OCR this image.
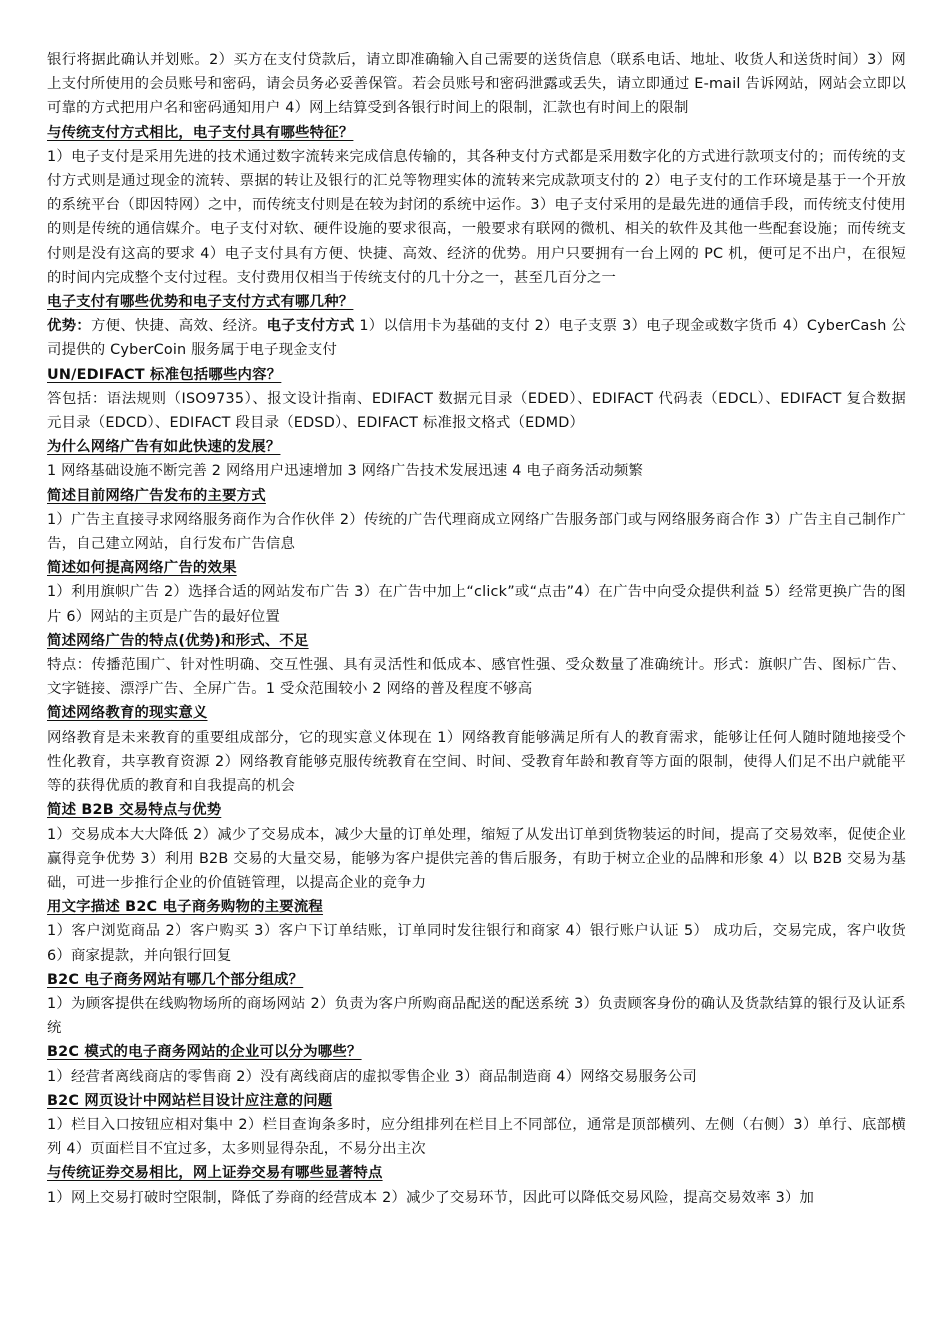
银行将据此确认并划账。2）买方在支付贷款后，请立即准确输入自己需要的送货信息（联系电话、地址、收货人和送货时间）3）网上支付所使用的会员账号和密码，请会员务必妥善保管。若会员账号和密码泄露或丢失，请立即通过 E-mail 告诉网站，网站会立即以可靠的方式把用户名和密码通知用户 4）网上结算受到各银行时间上的限制，汇款也有时间上的限制

与传统支付方式相比，电子支付具有哪些特征？

1）电子支付是采用先进的技术通过数字流转来完成信息传输的，其各种支付方式都是采用数字化的方式进行款项支付的；而传统的支付方式则是通过现金的流转、票据的转让及银行的汇兑等物理实体的流转来完成款项支付的 2）电子支付的工作环境是基于一个开放的系统平台（即因特网）之中，而传统支付则是在较为封闭的系统中运作。3）电子支付采用的是最先进的通信手段，而传统支付使用的则是传统的通信媒介。电子支付对软、硬件设施的要求很高，一般要求有联网的微机、相关的软件及其他一些配套设施；而传统支付则是没有这高的要求 4）电子支付具有方便、快捷、高效、经济的优势。用户只要拥有一台上网的 PC 机，便可足不出户，在很短的时间内完成整个支付过程。支付费用仅相当于传统支付的几十分之一，甚至几百分之一

电子支付有哪些优势和电子支付方式有哪几种？

优势：方便、快捷、高效、经济。电子支付方式 1）以信用卡为基础的支付 2）电子支票 3）电子现金或数字货币 4）CyberCash 公司提供的 CyberCoin 服务属于电子现金支付

UN/EDIFACT 标准包括哪些内容？

答包括：语法规则（ISO9735）、报文设计指南、EDIFACT 数据元目录（EDED）、EDIFACT 代码表（EDCL）、EDIFACT 复合数据元目录（EDCD）、EDIFACT 段目录（EDSD）、EDIFACT 标准报文格式（EDMD）

为什么网络广告有如此快速的发展？

1 网络基础设施不断完善 2 网络用户迅速增加 3 网络广告技术发展迅速 4 电子商务活动频繁

简述目前网络广告发布的主要方式

1）广告主直接寻求网络服务商作为合作伙伴 2）传统的广告代理商成立网络广告服务部门或与网络服务商合作 3）广告主自己制作广告，自己建立网站，自行发布广告信息

简述如何提高网络广告的效果

1）利用旗帜广告 2）选择合适的网站发布广告 3）在广告中加上“click”或“点击”4）在广告中向受众提供利益 5）经常更换广告的图片 6）网站的主页是广告的最好位置

简述网络广告的特点(优势)和形式、不足

特点：传播范围广、针对性明确、交互性强、具有灵活性和低成本、感官性强、受众数量了准确统计。形式：旗帜广告、图标广告、文字链接、漂浮广告、全屏广告。1 受众范围较小 2 网络的普及程度不够高

简述网络教育的现实意义

网络教育是未来教育的重要组成部分，它的现实意义体现在 1）网络教育能够满足所有人的教育需求，能够让任何人随时随地接受个性化教育，共享教育资源 2）网络教育能够克服传统教育在空间、时间、受教育年龄和教育等方面的限制，使得人们足不出户就能平等的获得优质的教育和自我提高的机会

简述 B2B 交易特点与优势

1）交易成本大大降低 2）减少了交易成本，减少大量的订单处理，缩短了从发出订单到货物装运的时间，提高了交易效率，促使企业赢得竞争优势 3）利用 B2B 交易的大量交易，能够为客户提供完善的售后服务，有助于树立企业的品牌和形象 4）以 B2B 交易为基础，可进一步推行企业的价值链管理，以提高企业的竞争力

用文字描述 B2C 电子商务购物的主要流程

1）客户浏览商品 2）客户购买 3）客户下订单结账，订单同时发往银行和商家 4）银行账户认证 5） 成功后，交易完成，客户收货 6）商家提款，并向银行回复

B2C 电子商务网站有哪几个部分组成？

1）为顾客提供在线购物场所的商场网站 2）负责为客户所购商品配送的配送系统 3）负责顾客身份的确认及货款结算的银行及认证系统

B2C 模式的电子商务网站的企业可以分为哪些？

1）经营者离线商店的零售商 2）没有离线商店的虚拟零售企业 3）商品制造商 4）网络交易服务公司

B2C 网页设计中网站栏目设计应注意的问题

1）栏目入口按钮应相对集中 2）栏目查询条多时，应分组排列在栏目上不同部位，通常是顶部横列、左侧（右侧）3）单行、底部横列 4）页面栏目不宜过多，太多则显得杂乱，不易分出主次

与传统证券交易相比，网上证券交易有哪些显著特点

1）网上交易打破时空限制，降低了券商的经营成本 2）减少了交易环节，因此可以降低交易风险，提高交易效率 3）加
